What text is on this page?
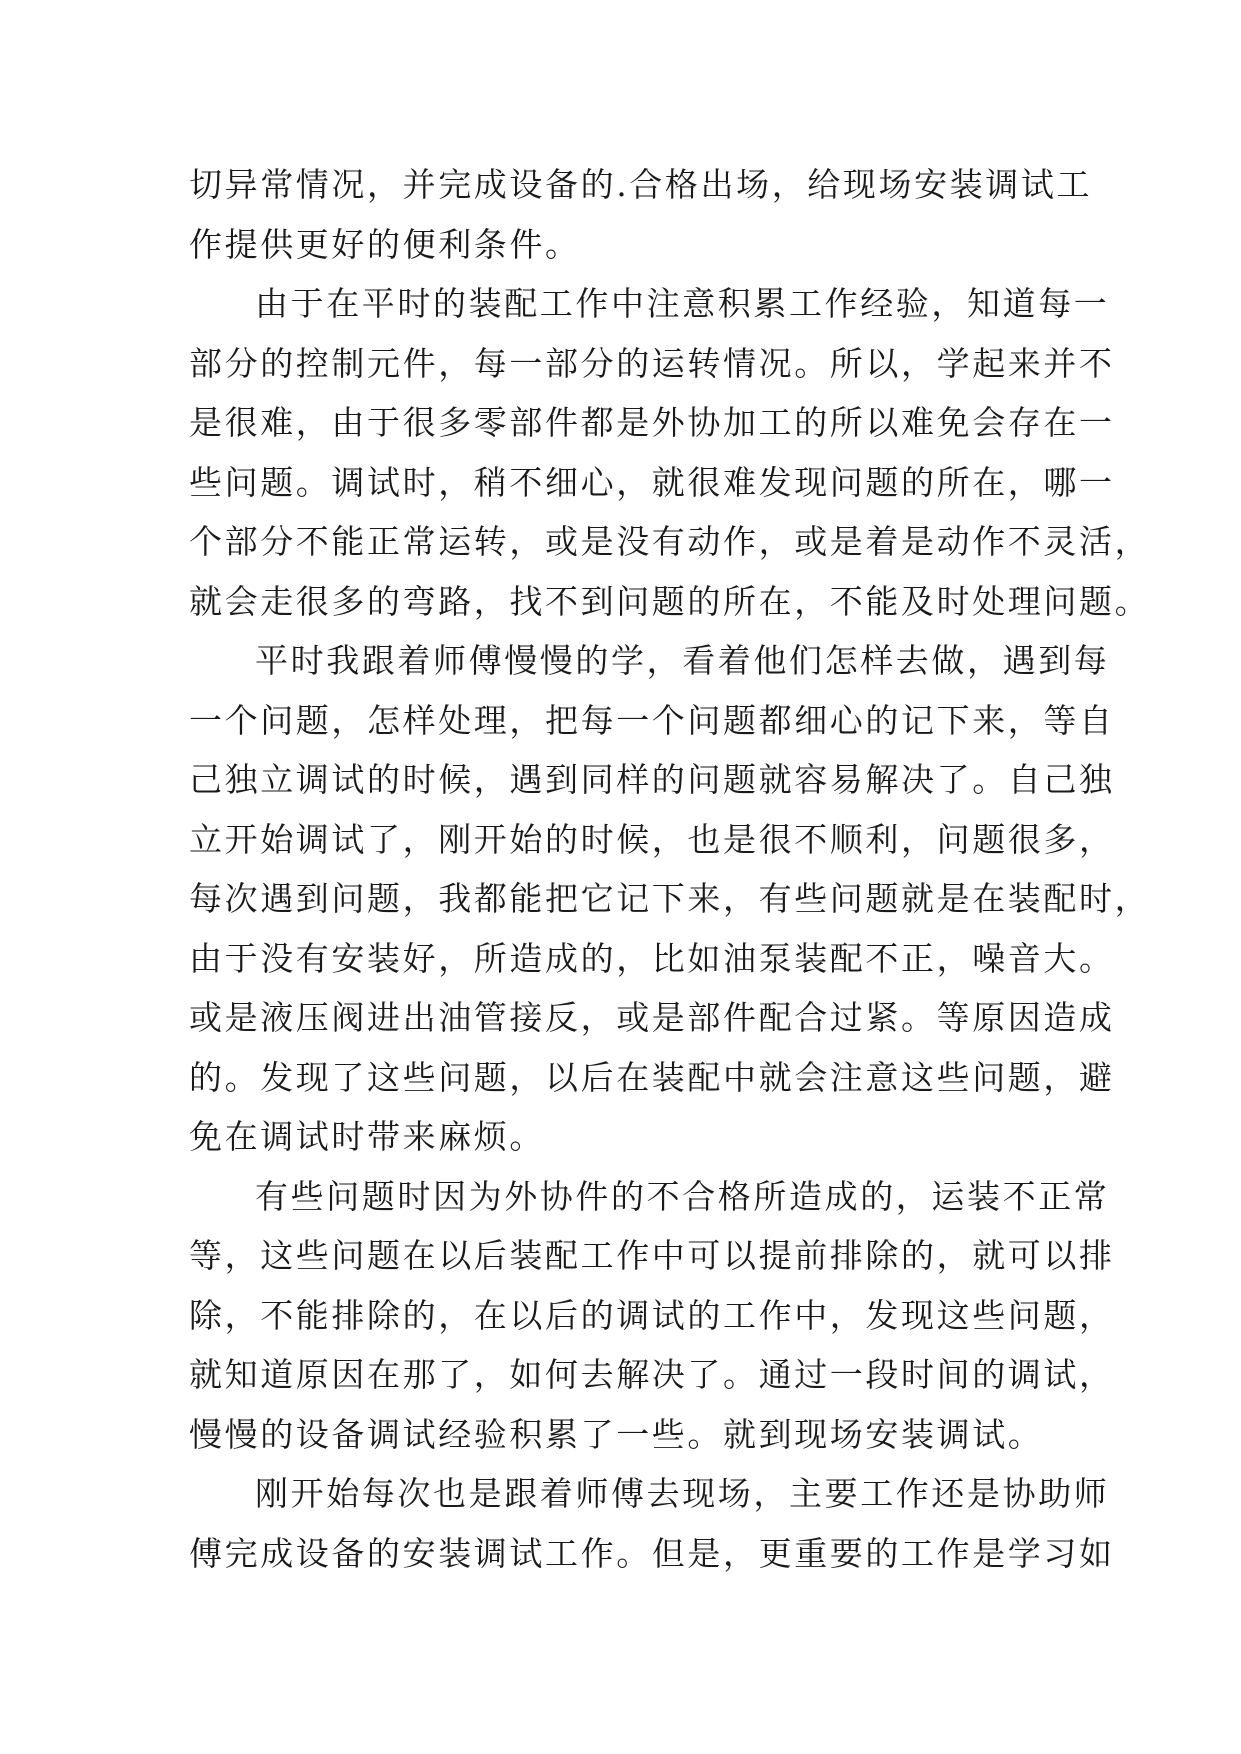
切异常情况，并完成设备的.合格出场，给现场安装调试工
作提供更好的便利条件。
由于在平时的装配工作中注意积累工作经验，知道每一
部分的控制元件，每一部分的运转情况。所以，学起来并不
是很难，由于很多零部件都是外协加工的所以难免会存在一
些问题。调试时，稍不细心，就很难发现问题的所在，哪一
个部分不能正常运转，或是没有动作，或是着是动作不灵活，
就会走很多的弯路，找不到问题的所在，不能及时处理问题。
平时我跟着师傅慢慢的学，看着他们怎样去做，遇到每
一个问题，怎样处理，把每一个问题都细心的记下来，等自
己独立调试的时候，遇到同样的问题就容易解决了。自己独
立开始调试了，刚开始的时候，也是很不顺利，问题很多，
每次遇到问题，我都能把它记下来，有些问题就是在装配时，
由于没有安装好，所造成的，比如油泵装配不正，噪音大。
或是液压阀进出油管接反，或是部件配合过紧。等原因造成
的。发现了这些问题，以后在装配中就会注意这些问题，避
免在调试时带来麻烦。
有些问题时因为外协件的不合格所造成的，运装不正常
等，这些问题在以后装配工作中可以提前排除的，就可以排
除，不能排除的，在以后的调试的工作中，发现这些问题，
就知道原因在那了，如何去解决了。通过一段时间的调试，
慢慢的设备调试经验积累了一些。就到现场安装调试。
刚开始每次也是跟着师傅去现场，主要工作还是协助师
傅完成设备的安装调试工作。但是，更重要的工作是学习如
